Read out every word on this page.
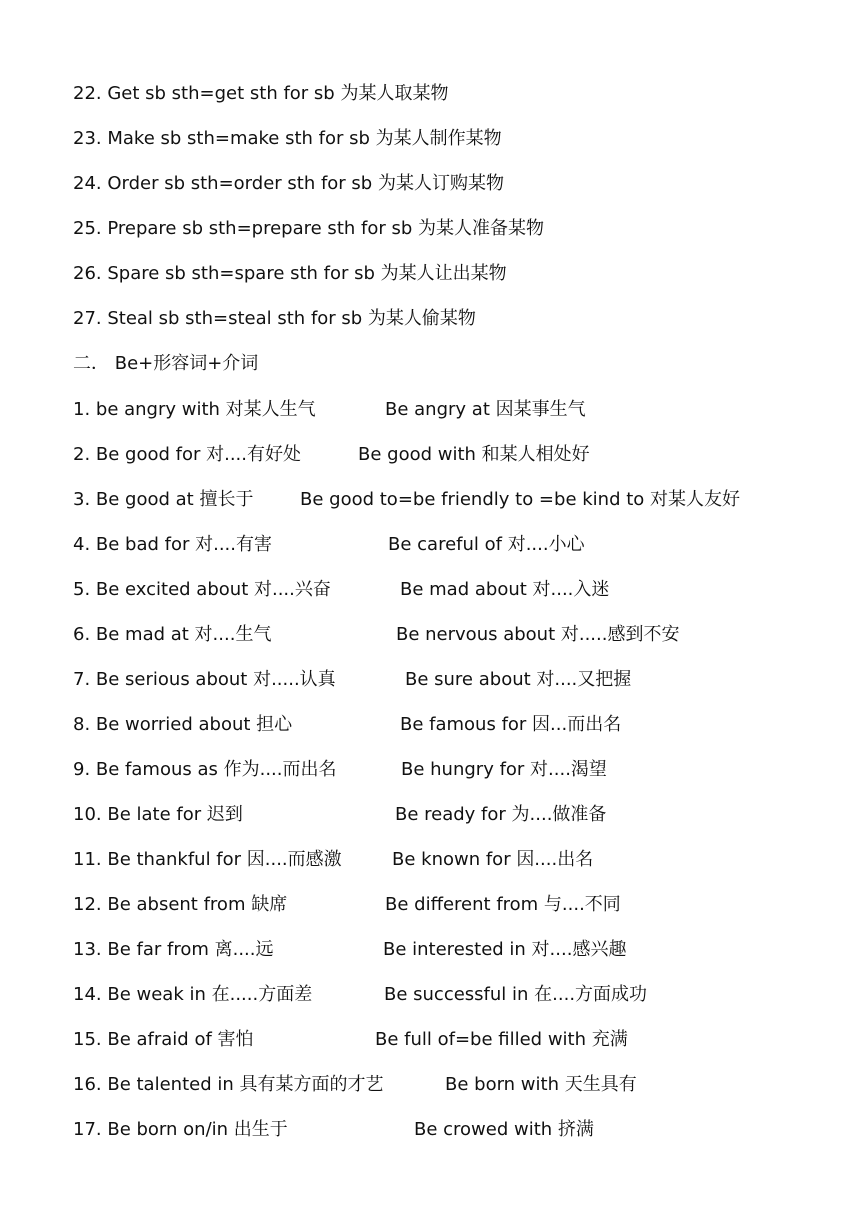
22. Get sb sth=get sth for sb 为某人取某物
23. Make sb sth=make sth for sb 为某人制作某物
24. Order sb sth=order sth for sb 为某人订购某物
25. Prepare sb sth=prepare sth for sb 为某人准备某物
26. Spare sb sth=spare sth for sb 为某人让出某物
27. Steal sb sth=steal sth for sb 为某人偷某物
二． Be+形容词+介词
1. be angry with 对某人生气	Be angry at 因某事生气
2. Be good for 对....有好处	Be good with 和某人相处好
3. Be good at 擅长于	Be good to=be friendly to =be kind to 对某人友好
4. Be bad for 对....有害	Be careful of 对....小心
5. Be excited about 对....兴奋	Be mad about 对....入迷
6. Be mad at 对....生气	Be nervous about 对.....感到不安
7. Be serious about 对.....认真	Be sure about 对....又把握
8. Be worried about 担心	Be famous for 因...而出名
9. Be famous as 作为....而出名	Be hungry for 对....渴望
10. Be late for 迟到	Be ready for 为....做准备
11. Be thankful for 因....而感激	Be known for 因....出名
12. Be absent from 缺席	Be different from 与....不同
13. Be far from 离....远	Be interested in 对....感兴趣
14. Be weak in 在.....方面差	Be successful in 在....方面成功
15. Be afraid of 害怕	Be full of=be filled with 充满
16. Be talented in 具有某方面的才艺	Be born with 天生具有
17. Be born on/in 出生于	Be crowed with 挤满
